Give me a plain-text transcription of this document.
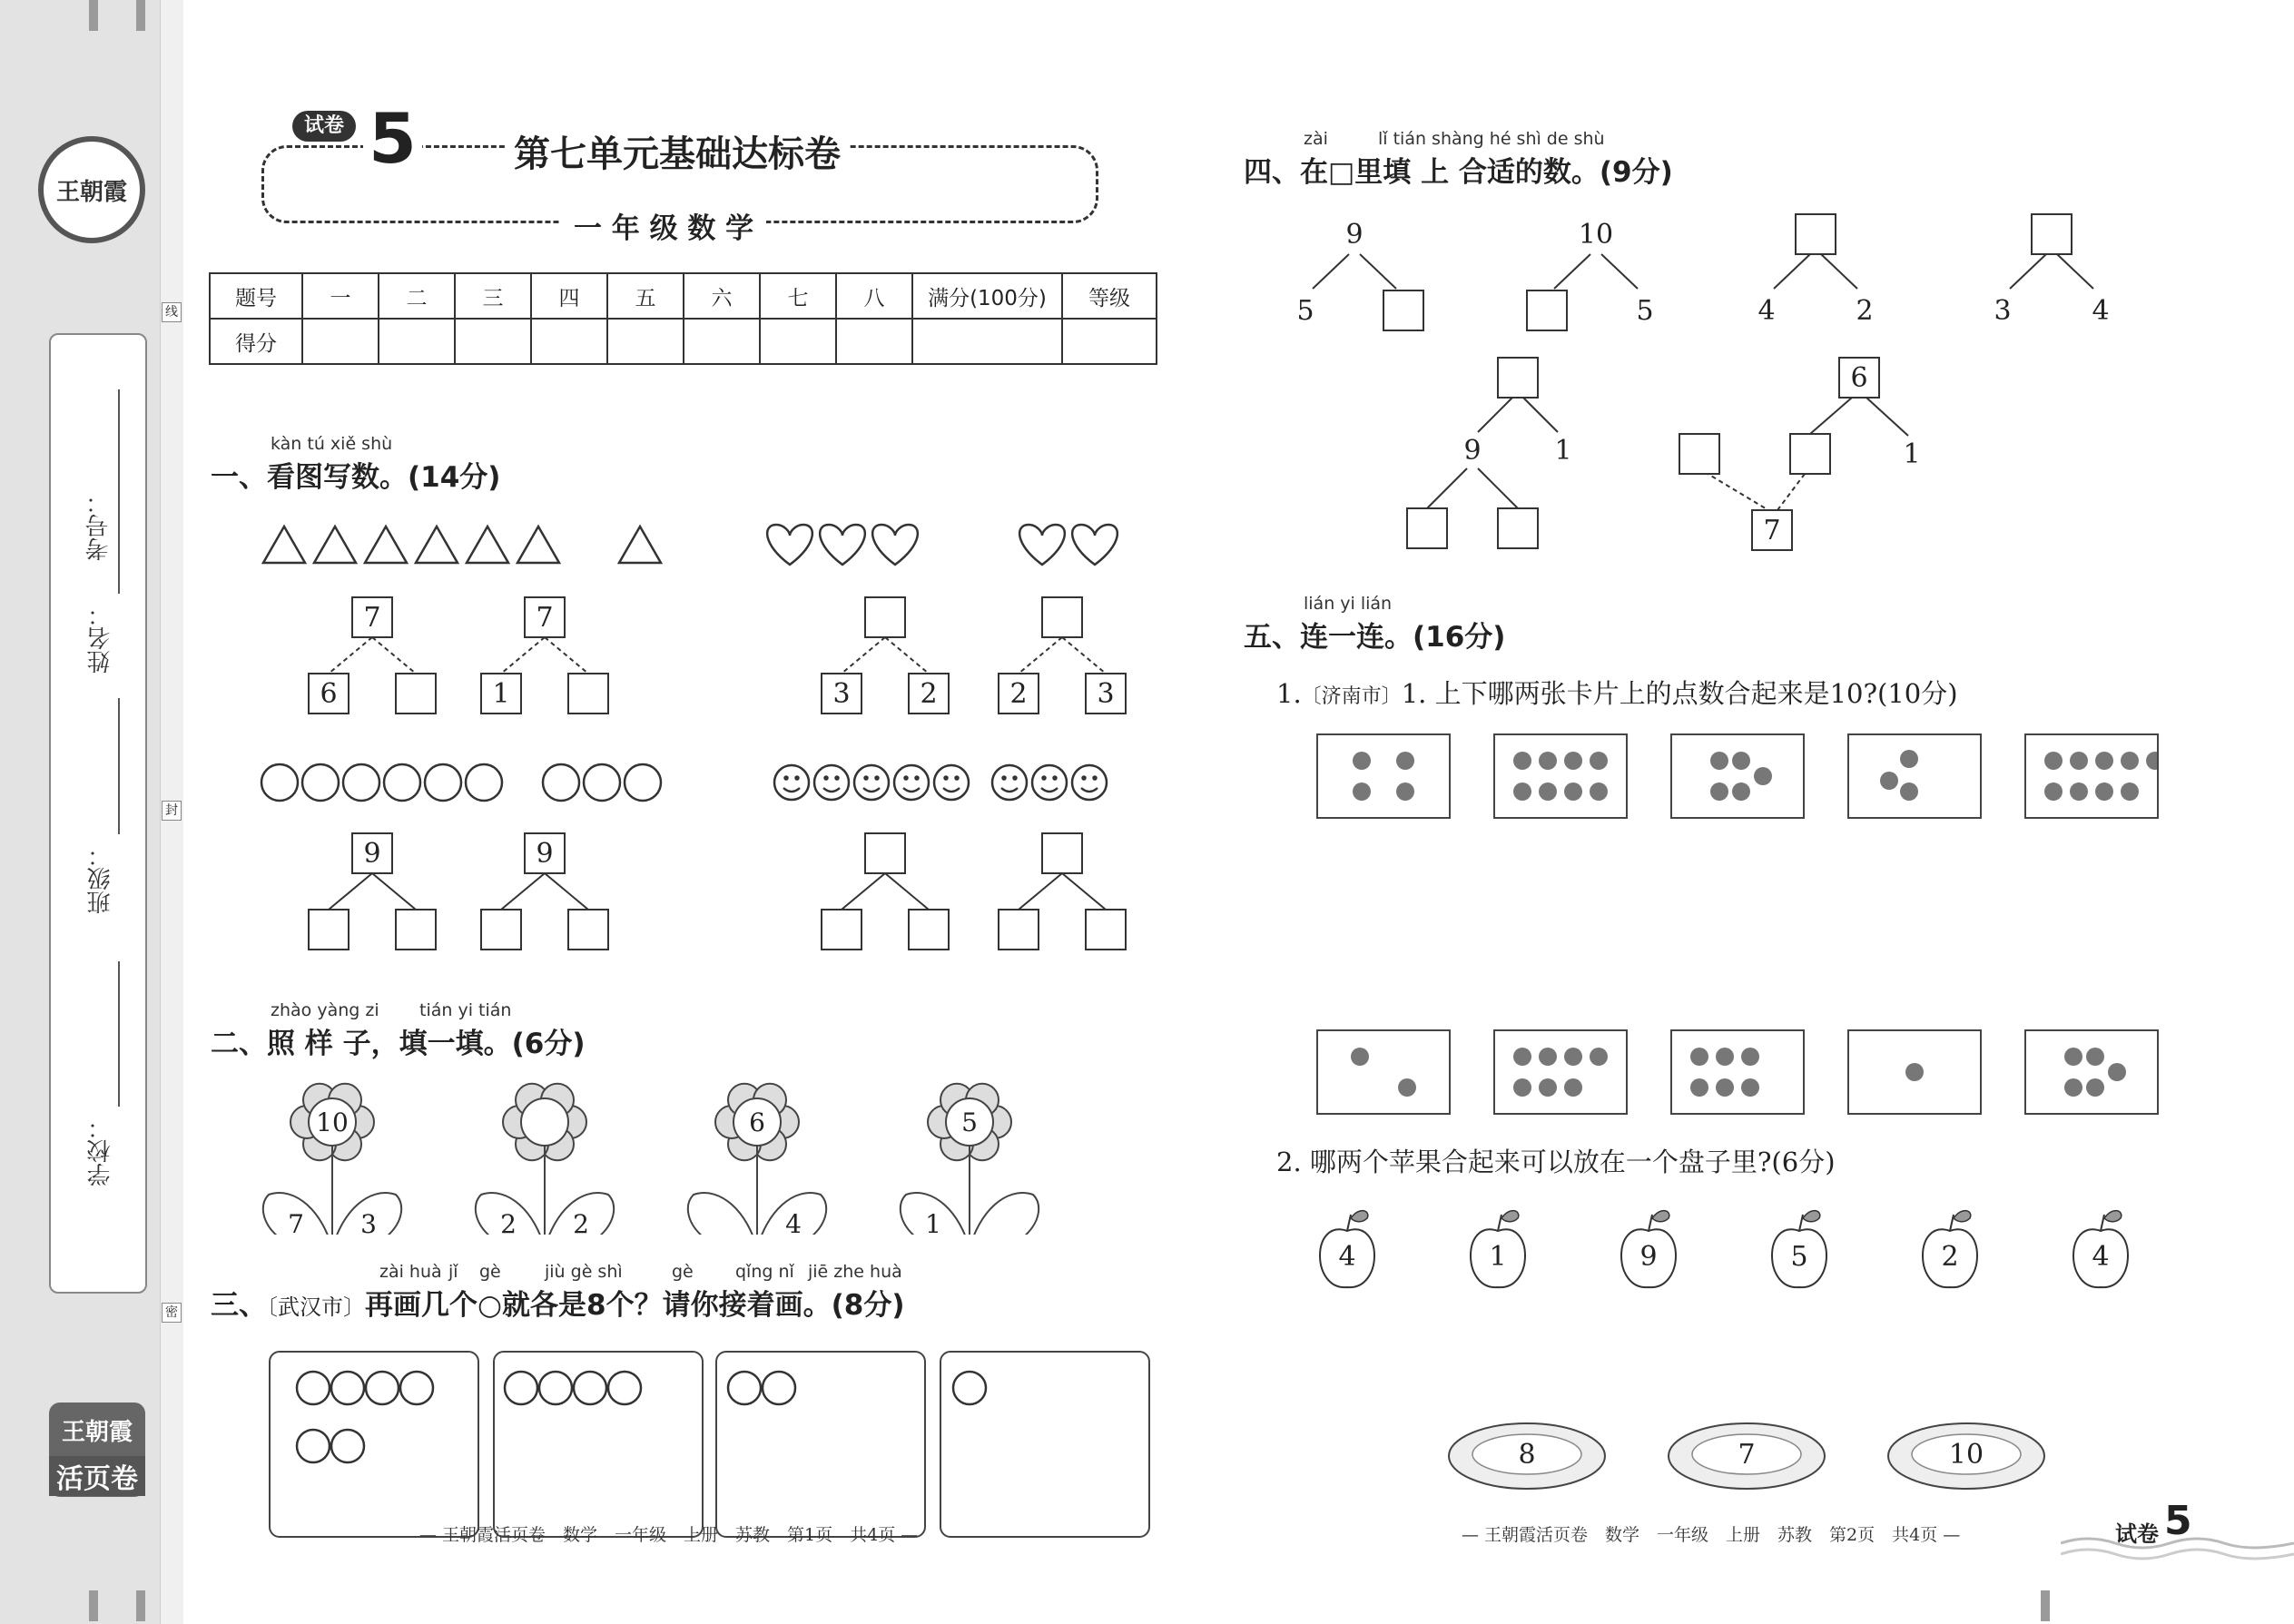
王朝霞
学校：
班级：
姓名：
考号：
线
封
密
王朝霞
活页卷
试卷 5	第七单元基础达标卷
一 年 级 数 学
题号	一	二	三	四	五	六	七	八	满分(100分)	等级
得分										
kàn tú xiě shù
一、看图写数。(14分)
7
6
7
1	3	2	2	3
9	9
zhào yàng zi tián yi tián
二、照 样 子，填一填。(6分)
10
7 3	2 2
6
4
5
1
zài huà jǐ gè	jiù gè shì	gè qǐng nǐ jiē zhe huà
三、〔武汉市〕再画几个○就各是8个？请你接着画。(8分)
— 王朝霞活页卷　数学　一年级　上册　苏教　第1页　共4页 —
zài	lǐ tián shàng hé shì de shù
四、在□里填 上 合适的数。(9分)
9
5
10
5	4	2	3	4
9	1
6
1
7
lián yi lián
五、连一连。(16分)
1.〔济南市〕1. 上下哪两张卡片上的点数合起来是10?(10分)
2. 哪两个苹果合起来可以放在一个盘子里?(6分)
4	1	9	5	2	4
8	7	10
— 王朝霞活页卷　数学　一年级　上册　苏教　第2页　共4页 —	试卷 5
